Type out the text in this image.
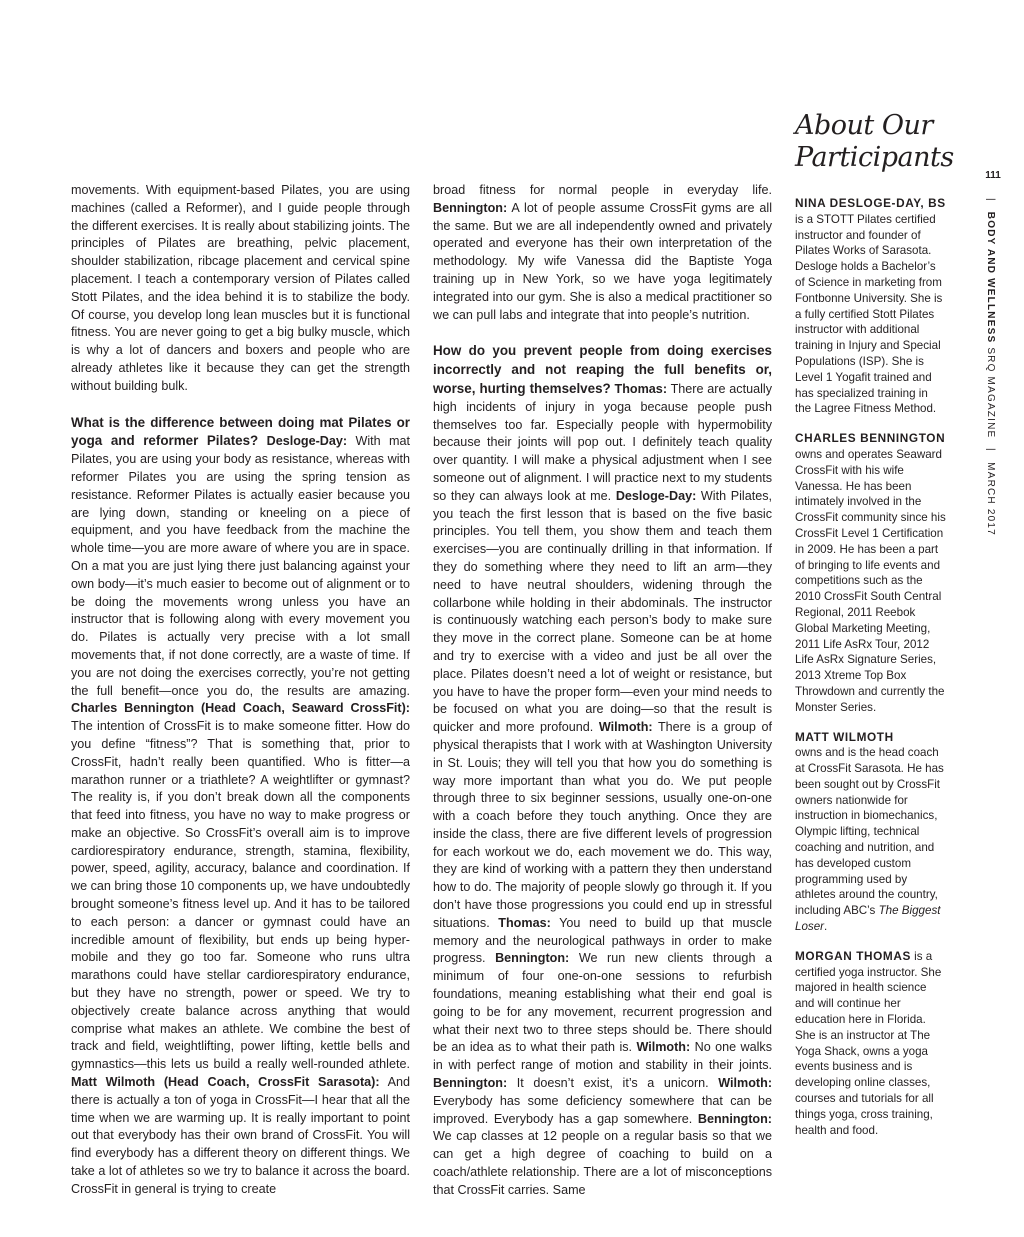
movements. With equipment-based Pilates, you are using machines (called a Reformer), and I guide people through the different exercises. It is really about stabilizing joints. The principles of Pilates are breathing, pelvic placement, shoulder stabilization, ribcage placement and cervical spine placement. I teach a contemporary version of Pilates called Stott Pilates, and the idea behind it is to stabilize the body. Of course, you develop long lean muscles but it is functional fitness. You are never going to get a big bulky muscle, which is why a lot of dancers and boxers and people who are already athletes like it because they can get the strength without building bulk.

What is the difference between doing mat Pilates or yoga and reformer Pilates? Desloge-Day: With mat Pilates, you are using your body as resistance, whereas with reformer Pilates you are using the spring tension as resistance. Reformer Pilates is actually easier because you are lying down, standing or kneeling on a piece of equipment, and you have feedback from the machine the whole time—you are more aware of where you are in space. On a mat you are just lying there just balancing against your own body—it’s much easier to become out of alignment or to be doing the movements wrong unless you have an instructor that is following along with every movement you do. Pilates is actually very precise with a lot small movements that, if not done correctly, are a waste of time. If you are not doing the exercises correctly, you’re not getting the full benefit—once you do, the results are amazing. Charles Bennington (Head Coach, Seaward CrossFit): The intention of CrossFit is to make someone fitter. How do you define “fitness”? That is something that, prior to CrossFit, hadn’t really been quantified. Who is fitter—a marathon runner or a triathlete? A weightlifter or gymnast? The reality is, if you don’t break down all the components that feed into fitness, you have no way to make progress or make an objective. So CrossFit’s overall aim is to improve cardiorespiratory endurance, strength, stamina, flexibility, power, speed, agility, accuracy, balance and coordination. If we can bring those 10 components up, we have undoubtedly brought someone’s fitness level up. And it has to be tailored to each person: a dancer or gymnast could have an incredible amount of flexibility, but ends up being hyper-mobile and they go too far. Someone who runs ultra marathons could have stellar cardiorespiratory endurance, but they have no strength, power or speed. We try to objectively create balance across anything that would comprise what makes an athlete. We combine the best of track and field, weightlifting, power lifting, kettle bells and gymnastics—this lets us build a really well-rounded athlete. Matt Wilmoth (Head Coach, CrossFit Sarasota): And there is actually a ton of yoga in CrossFit—I hear that all the time when we are warming up. It is really important to point out that everybody has their own brand of CrossFit. You will find everybody has a different theory on different things. We take a lot of athletes so we try to balance it across the board. CrossFit in general is trying to create

broad fitness for normal people in everyday life. Bennington: A lot of people assume CrossFit gyms are all the same. But we are all independently owned and privately operated and everyone has their own interpretation of the methodology. My wife Vanessa did the Baptiste Yoga training up in New York, so we have yoga legitimately integrated into our gym. She is also a medical practitioner so we can pull labs and integrate that into people’s nutrition.

How do you prevent people from doing exercises incorrectly and not reaping the full benefits or, worse, hurting themselves? Thomas: There are actually high incidents of injury in yoga because people push themselves too far. Especially people with hypermobility because their joints will pop out. I definitely teach quality over quantity. I will make a physical adjustment when I see someone out of alignment. I will practice next to my students so they can always look at me. Desloge-Day: With Pilates, you teach the first lesson that is based on the five basic principles. You tell them, you show them and teach them exercises—you are continually drilling in that information. If they do something where they need to lift an arm—they need to have neutral shoulders, widening through the collarbone while holding in their abdominals. The instructor is continuously watching each person’s body to make sure they move in the correct plane. Someone can be at home and try to exercise with a video and just be all over the place. Pilates doesn’t need a lot of weight or resistance, but you have to have the proper form—even your mind needs to be focused on what you are doing—so that the result is quicker and more profound. Wilmoth: There is a group of physical therapists that I work with at Washington University in St. Louis; they will tell you that how you do something is way more important than what you do. We put people through three to six beginner sessions, usually one-on-one with a coach before they touch anything. Once they are inside the class, there are five different levels of progression for each workout we do, each movement we do. This way, they are kind of working with a pattern they then understand how to do. The majority of people slowly go through it. If you don’t have those progressions you could end up in stressful situations. Thomas: You need to build up that muscle memory and the neurological pathways in order to make progress. Bennington: We run new clients through a minimum of four one-on-one sessions to refurbish foundations, meaning establishing what their end goal is going to be for any movement, recurrent progression and what their next two to three steps should be. There should be an idea as to what their path is. Wilmoth: No one walks in with perfect range of motion and stability in their joints. Bennington: It doesn’t exist, it’s a unicorn. Wilmoth: Everybody has some deficiency somewhere that can be improved. Everybody has a gap somewhere. Bennington: We cap classes at 12 people on a regular basis so that we can get a high degree of coaching to build on a coach/athlete relationship. There are a lot of misconceptions that CrossFit carries. Same

About Our Participants
NINA DESLOGE-DAY, BS
is a STOTT Pilates certified instructor and founder of Pilates Works of Sarasota. Desloge holds a Bachelor’s of Science in marketing from Fontbonne University. She is a fully certified Stott Pilates instructor with additional training in Injury and Special Populations (ISP). She is Level 1 Yogafit trained and has specialized training in the Lagree Fitness Method.
CHARLES BENNINGTON
owns and operates Seaward CrossFit with his wife Vanessa. He has been intimately involved in the CrossFit community since his CrossFit Level 1 Certification in 2009. He has been a part of bringing to life events and competitions such as the 2010 CrossFit South Central Regional, 2011 Reebok Global Marketing Meeting, 2011 Life AsRx Tour, 2012 Life AsRx Signature Series, 2013 Xtreme Top Box Throwdown and currently the Monster Series.
MATT WILMOTH
owns and is the head coach at CrossFit Sarasota. He has been sought out by CrossFit owners nationwide for instruction in biomechanics, Olympic lifting, technical coaching and nutrition, and has developed custom programming used by athletes around the country, including ABC’s The Biggest Loser.
MORGAN THOMAS is a certified yoga instructor. She majored in health science and will continue her education here in Florida. She is an instructor at The Yoga Shack, owns a yoga events business and is developing online classes, courses and tutorials for all things yoga, cross training, health and food.
111
| BODY AND WELLNESS SRQ MAGAZINE | MARCH 2017
